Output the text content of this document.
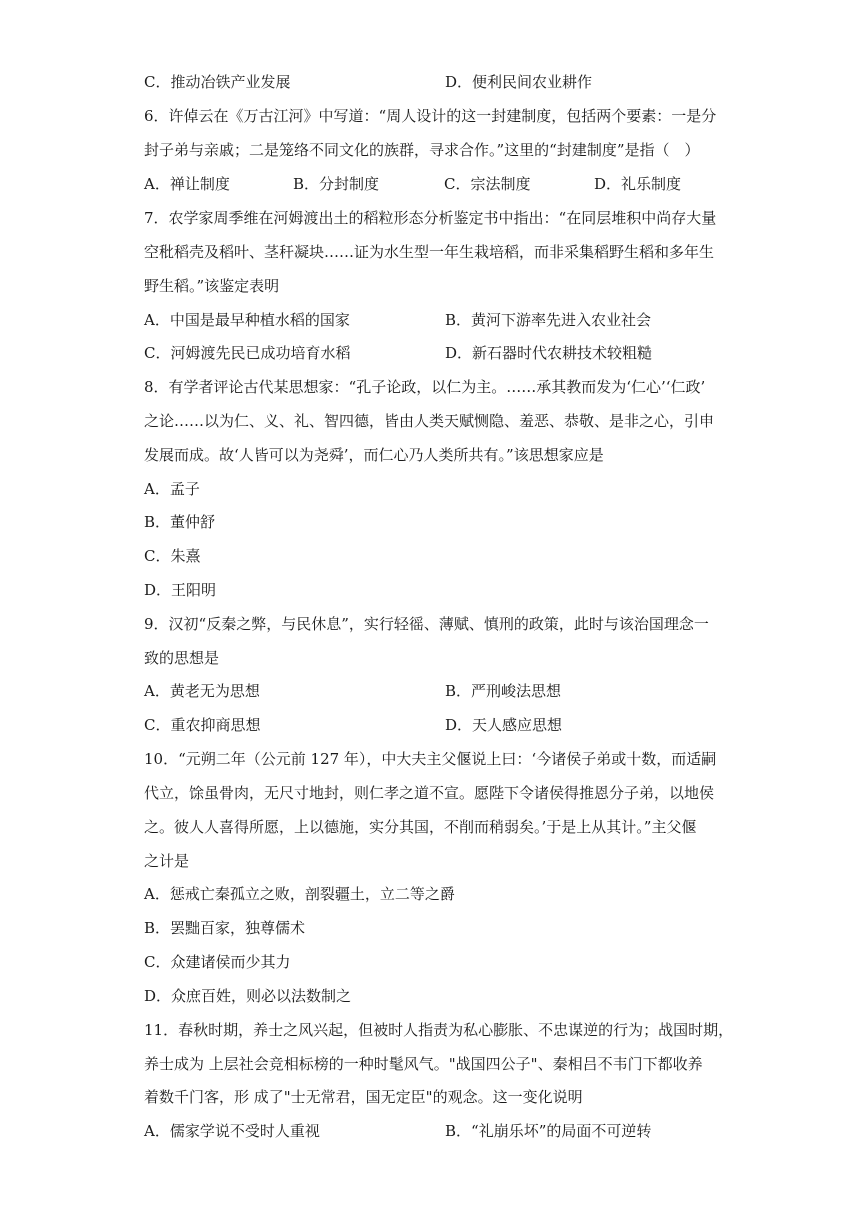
C．推动冶铁产业发展	D．便利民间农业耕作
6．许倬云在《万古江河》中写道：“周人设计的这一封建制度，包括两个要素：一是分
封子弟与亲戚；二是笼络不同文化的族群，寻求合作。”这里的“封建制度”是指（　）
A．禅让制度	B．分封制度	C．宗法制度	D．礼乐制度
7．农学家周季维在河姆渡出土的稻粒形态分析鉴定书中指出：“在同层堆积中尚存大量
空秕稻壳及稻叶、茎秆凝块……证为水生型一年生栽培稻，而非采集稻野生稻和多年生
野生稻。”该鉴定表明
A．中国是最早种植水稻的国家	B．黄河下游率先进入农业社会
C．河姆渡先民已成功培育水稻	D．新石器时代农耕技术较粗糙
8．有学者评论古代某思想家：“孔子论政，以仁为主。……承其教而发为‘仁心’‘仁政’
之论……以为仁、义、礼、智四德，皆由人类天赋恻隐、羞恶、恭敬、是非之心，引申
发展而成。故‘人皆可以为尧舜’，而仁心乃人类所共有。”该思想家应是
A．孟子
B．董仲舒
C．朱熹
D．王阳明
9．汉初“反秦之弊，与民休息”，实行轻徭、薄赋、慎刑的政策，此时与该治国理念一
致的思想是
A．黄老无为思想	B．严刑峻法思想
C．重农抑商思想	D．天人感应思想
10．“元朔二年（公元前 127 年），中大夫主父偃说上曰：‘今诸侯子弟或十数，而适嗣
代立，馀虽骨肉，无尺寸地封，则仁孝之道不宣。愿陛下令诸侯得推恩分子弟，以地侯
之。彼人人喜得所愿，上以德施，实分其国，不削而稍弱矣。’于是上从其计。”主父偃
之计是
A．惩戒亡秦孤立之败，剖裂疆土，立二等之爵
B．罢黜百家，独尊儒术
C．众建诸侯而少其力
D．众庶百姓，则必以法数制之
11．春秋时期，养士之风兴起，但被时人指责为私心膨胀、不忠谋逆的行为；战国时期，
养士成为 上层社会竞相标榜的一种时髦风气。"战国四公子"、秦相吕不韦门下都收养
着数千门客，形 成了"士无常君，国无定臣"的观念。这一变化说明
A．儒家学说不受时人重视	B．“礼崩乐坏”的局面不可逆转
